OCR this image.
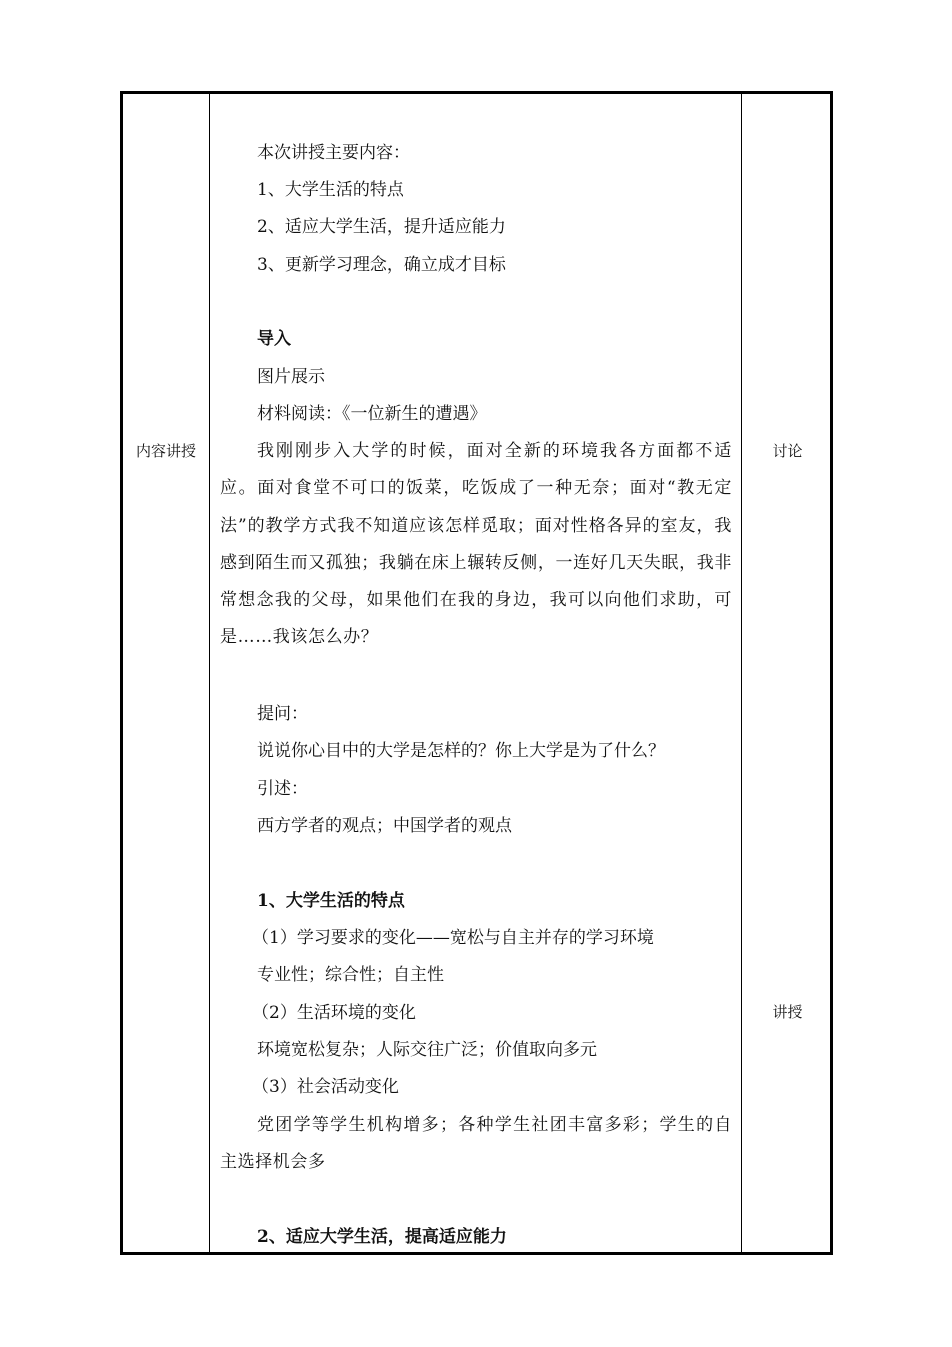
内容讲授	讨论
讲授
本次讲授主要内容：
1、大学生活的特点
2、适应大学生活，提升适应能力
3、更新学习理念，确立成才目标
导入
图片展示
材料阅读：《一位新生的遭遇》
我刚刚步入大学的时候，面对全新的环境我各方面都不适应。面对食堂不可口的饭菜，吃饭成了一种无奈；面对“教无定法”的教学方式我不知道应该怎样觅取；面对性格各异的室友，我感到陌生而又孤独；我躺在床上辗转反侧，一连好几天失眠，我非常想念我的父母，如果他们在我的身边，我可以向他们求助，可是……我该怎么办？
提问：
说说你心目中的大学是怎样的？你上大学是为了什么？
引述：
西方学者的观点；中国学者的观点
1、大学生活的特点
（1）学习要求的变化——宽松与自主并存的学习环境
专业性；综合性；自主性
（2）生活环境的变化
环境宽松复杂；人际交往广泛；价值取向多元
（3）社会活动变化
党团学等学生机构增多；各种学生社团丰富多彩；学生的自主选择机会多
2、适应大学生活，提高适应能力
